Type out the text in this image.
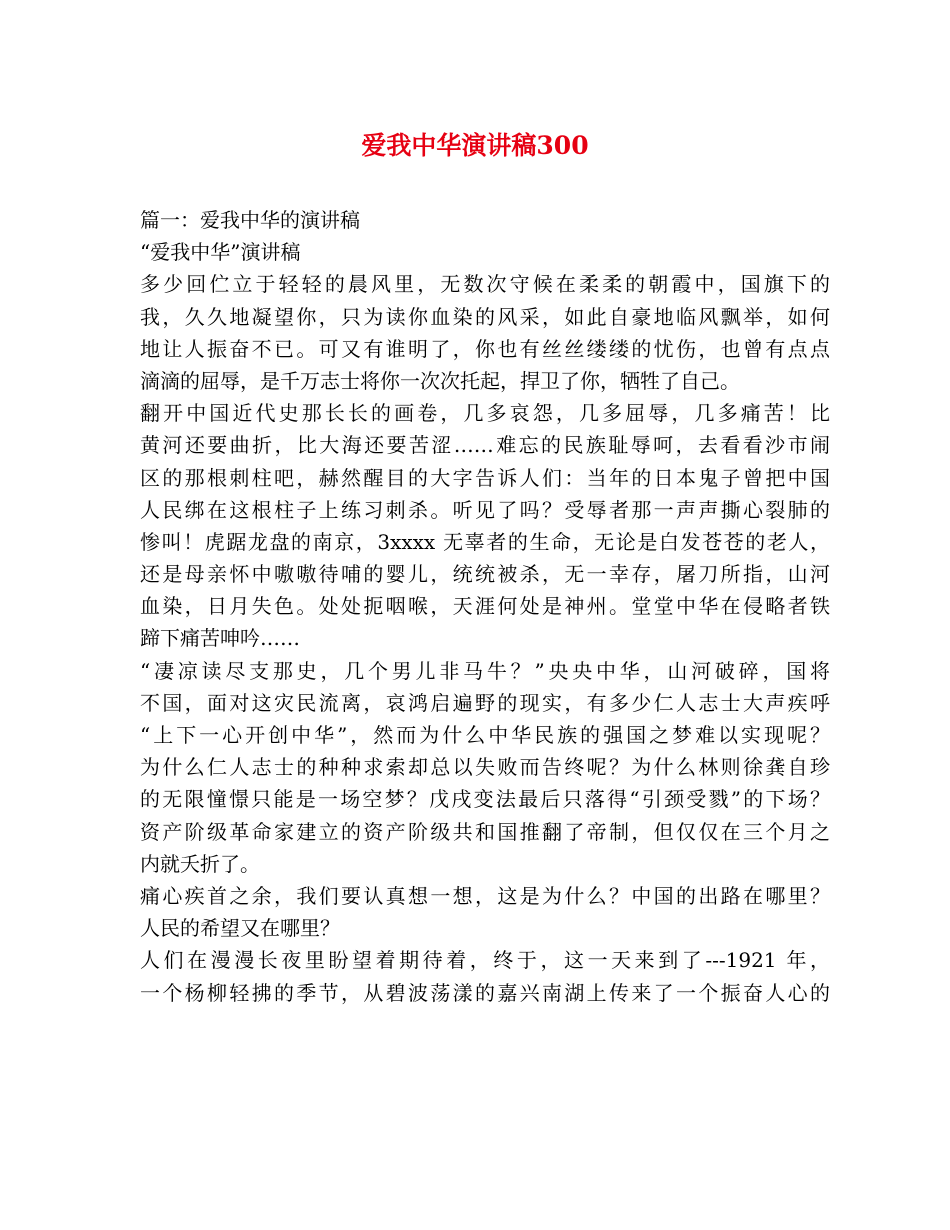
爱我中华演讲稿300
篇一：爱我中华的演讲稿
“爱我中华”演讲稿
多少回伫立于轻轻的晨风里，无数次守候在柔柔的朝霞中，国旗下的
我，久久地凝望你，只为读你血染的风采，如此自豪地临风飘举，如何
地让人振奋不已。可又有谁明了，你也有丝丝缕缕的忧伤，也曾有点点
滴滴的屈辱，是千万志士将你一次次托起，捍卫了你，牺牲了自己。
翻开中国近代史那长长的画卷，几多哀怨，几多屈辱，几多痛苦！比
黄河还要曲折，比大海还要苦涩……难忘的民族耻辱呵，去看看沙市闹
区的那根刺柱吧，赫然醒目的大字告诉人们：当年的日本鬼子曾把中国
人民绑在这根柱子上练习刺杀。听见了吗？受辱者那一声声撕心裂肺的
惨叫！虎踞龙盘的南京，3xxxx 无辜者的生命，无论是白发苍苍的老人，
还是母亲怀中嗷嗷待哺的婴儿，统统被杀，无一幸存，屠刀所指，山河
血染，日月失色。处处扼咽喉，天涯何处是神州。堂堂中华在侵略者铁
蹄下痛苦呻吟……
“凄凉读尽支那史，几个男儿非马牛？”央央中华，山河破碎，国将
不国，面对这灾民流离，哀鸿启遍野的现实，有多少仁人志士大声疾呼
“上下一心开创中华”，然而为什么中华民族的强国之梦难以实现呢？
为什么仁人志士的种种求索却总以失败而告终呢？为什么林则徐龚自珍
的无限憧憬只能是一场空梦？戊戌变法最后只落得“引颈受戮”的下场？
资产阶级革命家建立的资产阶级共和国推翻了帝制，但仅仅在三个月之
内就夭折了。
痛心疾首之余，我们要认真想一想，这是为什么？中国的出路在哪里？
人民的希望又在哪里？
人们在漫漫长夜里盼望着期待着，终于，这一天来到了---1921 年，
一个杨柳轻拂的季节，从碧波荡漾的嘉兴南湖上传来了一个振奋人心的
